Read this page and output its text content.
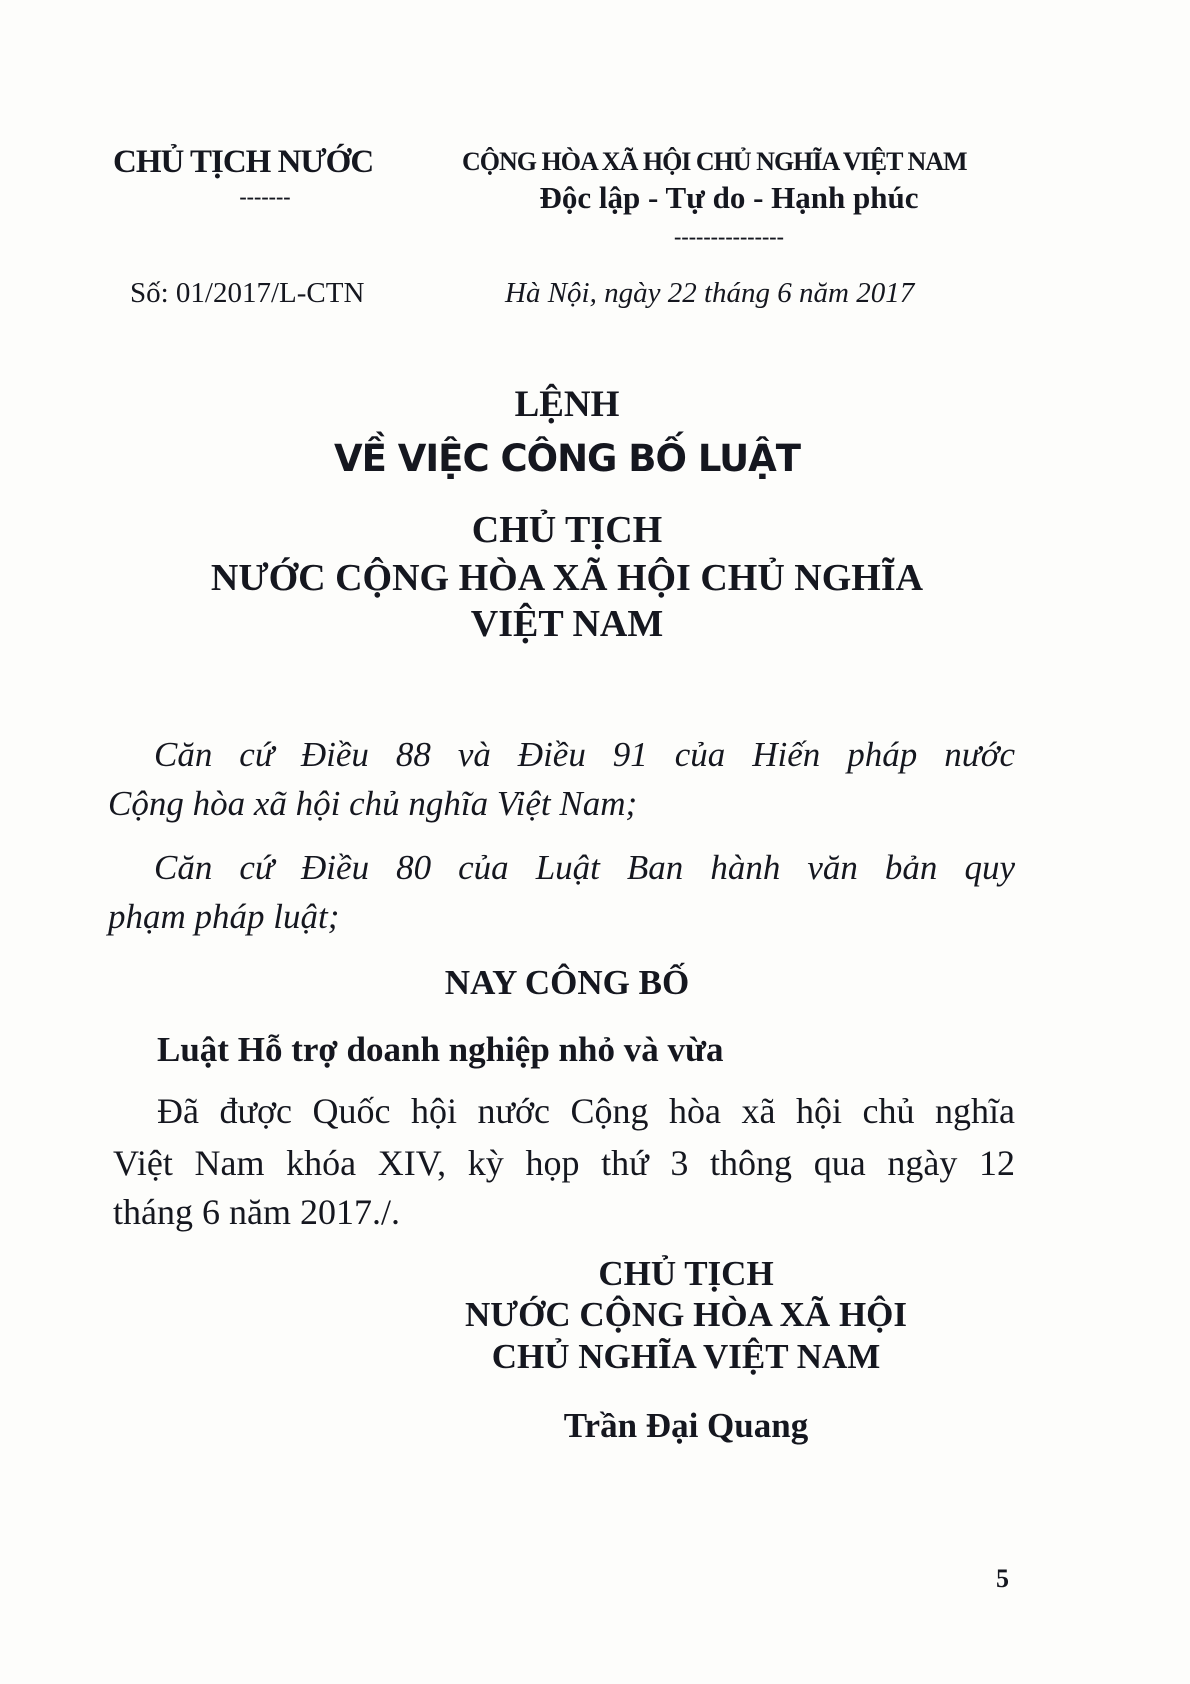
CHỦ TỊCH NƯỚC
-------
CỘNG HÒA XÃ HỘI CHỦ NGHĨA VIỆT NAM
Độc lập - Tự do - Hạnh phúc
---------------
Số: 01/2017/L-CTN	Hà Nội, ngày 22 tháng 6 năm 2017
LỆNH
VỀ VIỆC CÔNG BỐ LUẬT
CHỦ TỊCH
NƯỚC CỘNG HÒA XÃ HỘI CHỦ NGHĨA
VIỆT NAM
Căn cứ Điều 88 và Điều 91 của Hiến pháp nước
Cộng hòa xã hội chủ nghĩa Việt Nam;
Căn cứ Điều 80 của Luật Ban hành văn bản quy
phạm pháp luật;
NAY CÔNG BỐ
Luật Hỗ trợ doanh nghiệp nhỏ và vừa
Đã được Quốc hội nước Cộng hòa xã hội chủ nghĩa
Việt Nam khóa XIV, kỳ họp thứ 3 thông qua ngày 12
tháng 6 năm 2017./.
CHỦ TỊCH
NƯỚC CỘNG HÒA XÃ HỘI
CHỦ NGHĨA VIỆT NAM
Trần Đại Quang
5
